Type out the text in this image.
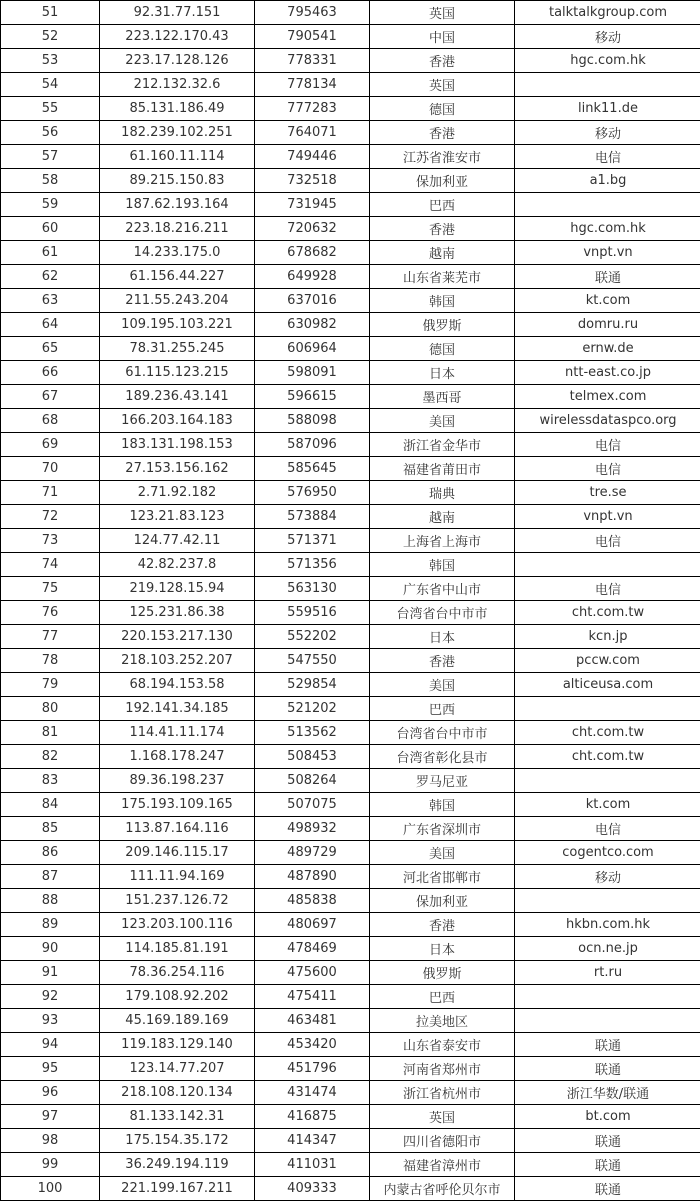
51	92.31.77.151	795463	英国	talktalkgroup.com
52	223.122.170.43	790541	中国	移动
53	223.17.128.126	778331	香港	hgc.com.hk
54	212.132.32.6	778134	英国	
55	85.131.186.49	777283	德国	link11.de
56	182.239.102.251	764071	香港	移动
57	61.160.11.114	749446	江苏省淮安市	电信
58	89.215.150.83	732518	保加利亚	a1.bg
59	187.62.193.164	731945	巴西	
60	223.18.216.211	720632	香港	hgc.com.hk
61	14.233.175.0	678682	越南	vnpt.vn
62	61.156.44.227	649928	山东省莱芜市	联通
63	211.55.243.204	637016	韩国	kt.com
64	109.195.103.221	630982	俄罗斯	domru.ru
65	78.31.255.245	606964	德国	ernw.de
66	61.115.123.215	598091	日本	ntt-east.co.jp
67	189.236.43.141	596615	墨西哥	telmex.com
68	166.203.164.183	588098	美国	wirelessdataspco.org
69	183.131.198.153	587096	浙江省金华市	电信
70	27.153.156.162	585645	福建省莆田市	电信
71	2.71.92.182	576950	瑞典	tre.se
72	123.21.83.123	573884	越南	vnpt.vn
73	124.77.42.11	571371	上海省上海市	电信
74	42.82.237.8	571356	韩国	
75	219.128.15.94	563130	广东省中山市	电信
76	125.231.86.38	559516	台湾省台中市市	cht.com.tw
77	220.153.217.130	552202	日本	kcn.jp
78	218.103.252.207	547550	香港	pccw.com
79	68.194.153.58	529854	美国	alticeusa.com
80	192.141.34.185	521202	巴西	
81	114.41.11.174	513562	台湾省台中市市	cht.com.tw
82	1.168.178.247	508453	台湾省彰化县市	cht.com.tw
83	89.36.198.237	508264	罗马尼亚	
84	175.193.109.165	507075	韩国	kt.com
85	113.87.164.116	498932	广东省深圳市	电信
86	209.146.115.17	489729	美国	cogentco.com
87	111.11.94.169	487890	河北省邯郸市	移动
88	151.237.126.72	485838	保加利亚	
89	123.203.100.116	480697	香港	hkbn.com.hk
90	114.185.81.191	478469	日本	ocn.ne.jp
91	78.36.254.116	475600	俄罗斯	rt.ru
92	179.108.92.202	475411	巴西	
93	45.169.189.169	463481	拉美地区	
94	119.183.129.140	453420	山东省泰安市	联通
95	123.14.77.207	451796	河南省郑州市	联通
96	218.108.120.134	431474	浙江省杭州市	浙江华数/联通
97	81.133.142.31	416875	英国	bt.com
98	175.154.35.172	414347	四川省德阳市	联通
99	36.249.194.119	411031	福建省漳州市	联通
100	221.199.167.211	409333	内蒙古省呼伦贝尔市	联通
